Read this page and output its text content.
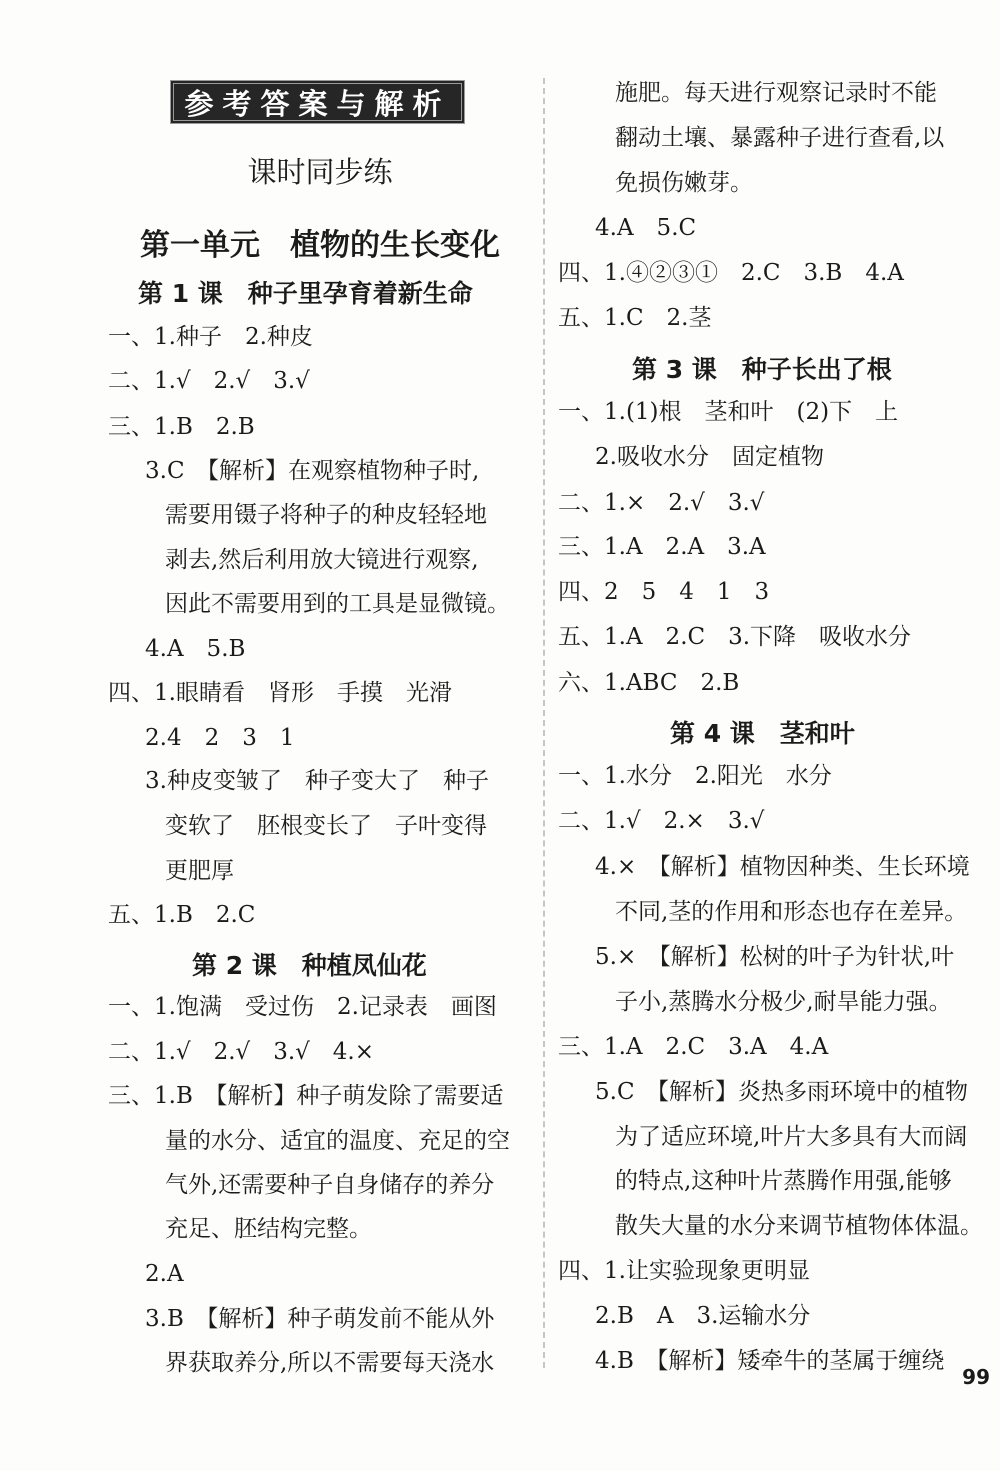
参考答案与解析
课时同步练
第一单元　植物的生长变化
第 1 课　种子里孕育着新生命
一、1.种子　2.种皮
二、1.√　2.√　3.√
三、1.B　2.B
3.C　【解析】在观察植物种子时,
需要用镊子将种子的种皮轻轻地
剥去,然后利用放大镜进行观察,
因此不需要用到的工具是显微镜。
4.A　5.B
四、1.眼睛看　肾形　手摸　光滑
2.4　2　3　1
3.种皮变皱了　种子变大了　种子
变软了　胚根变长了　子叶变得
更肥厚
五、1.B　2.C
第 2 课　种植凤仙花
一、1.饱满　受过伤　2.记录表　画图
二、1.√　2.√　3.√　4.×
三、1.B　【解析】种子萌发除了需要适
量的水分、适宜的温度、充足的空
气外,还需要种子自身储存的养分
充足、胚结构完整。
2.A
3.B　【解析】种子萌发前不能从外
界获取养分,所以不需要每天浇水
施肥。每天进行观察记录时不能
翻动土壤、暴露种子进行查看,以
免损伤嫩芽。
4.A　5.C
四、1.④②③①　2.C　3.B　4.A
五、1.C　2.茎
第 3 课　种子长出了根
一、1.(1)根　茎和叶　(2)下　上
2.吸收水分　固定植物
二、1.×　2.√　3.√
三、1.A　2.A　3.A
四、2　5　4　1　3
五、1.A　2.C　3.下降　吸收水分
六、1.ABC　2.B
第 4 课　茎和叶
一、1.水分　2.阳光　水分
二、1.√　2.×　3.√
4.×　【解析】植物因种类、生长环境
不同,茎的作用和形态也存在差异。
5.×　【解析】松树的叶子为针状,叶
子小,蒸腾水分极少,耐旱能力强。
三、1.A　2.C　3.A　4.A
5.C　【解析】炎热多雨环境中的植物
为了适应环境,叶片大多具有大而阔
的特点,这种叶片蒸腾作用强,能够
散失大量的水分来调节植物体体温。
四、1.让实验现象更明显
2.B　A　3.运输水分
4.B　【解析】矮牵牛的茎属于缠绕
99
